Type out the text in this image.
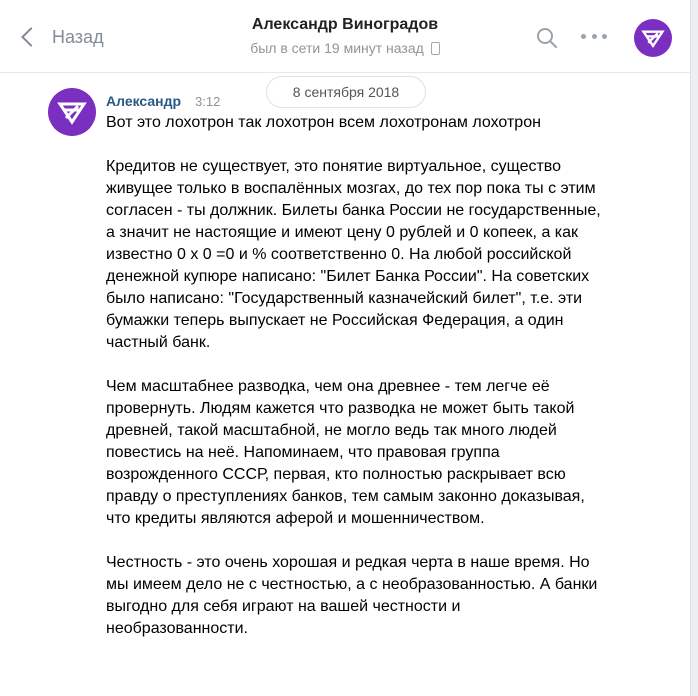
Назад
Александр Виноградов
был в сети 19 минут назад
8 сентября 2018
Александр 3:12

Вот это лохотрон так лохотрон всем лохотронам лохотрон

Кредитов не существует, это понятие виртуальное, существо живущее только в воспалённых мозгах, до тех пор пока ты с этим согласен - ты должник. Билеты банка России не государственные, а значит не настоящие и имеют цену 0 рублей и 0 копеек, а как известно 0 х 0 =0 и % соответственно 0. На любой российской денежной купюре написано: "Билет Банка России". На советских было написано: "Государственный казначейский билет", т.е. эти бумажки теперь выпускает не Российская Федерация, а один частный банк.

Чем масштабнее разводка, чем она древнее - тем легче её провернуть. Людям кажется что разводка не может быть такой древней, такой масштабной, не могло ведь так много людей повестись на неё. Напоминаем, что правовая группа возрожденного СССР, первая, кто полностью раскрывает всю правду о преступлениях банков, тем самым законно доказывая, что кредиты являются аферой и мошенничеством.

Честность - это очень хорошая и редкая черта в наше время. Но мы имеем дело не с честностью, а с необразованностью. А банки выгодно для себя играют на вашей честности и необразованности.
